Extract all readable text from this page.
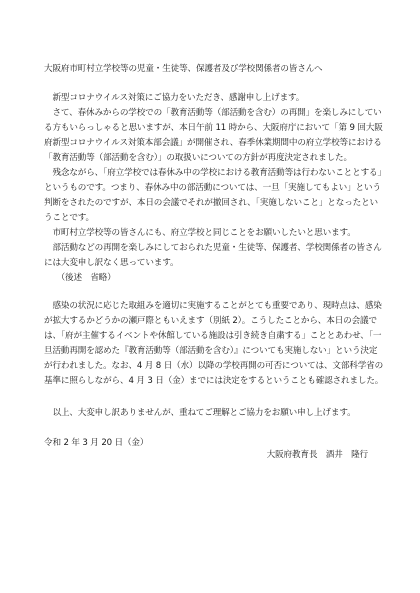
大阪府市町村立学校等の児童・生徒等、保護者及び学校関係者の皆さんへ

　新型コロナウイルス対策にご協力をいただき、感謝申し上げます。

　さて、春休みからの学校での「教育活動等（部活動を含む）の再開」を楽しみにしている方もいらっしゃると思いますが、本日午前 11 時から、大阪府庁において「第 9 回大阪府新型コロナウイルス対策本部会議」が開催され、春季休業期間中の府立学校等における「教育活動等（部活動を含む）」の取扱いについての方針が再度決定されました。

　残念ながら、「府立学校では春休み中の学校における教育活動等は行わないこととする」というものです。つまり、春休み中の部活動については、一旦「実施してもよい」という判断をされたのですが、本日の会議でそれが撤回され、「実施しないこと」となったということです。

　市町村立学校等の皆さんにも、府立学校と同じことをお願いしたいと思います。

　部活動などの再開を楽しみにしておられた児童・生徒等、保護者、学校関係者の皆さんには大変申し訳なく思っています。

　　（後述　省略）

　感染の状況に応じた取組みを適切に実施することがとても重要であり、現時点は、感染が拡大するかどうかの瀬戸際ともいえます（別紙 2）。こうしたことから、本日の会議では、「府が主催するイベントや休館している施設は引き続き自粛する」こととあわせ、「一旦活動再開を認めた『教育活動等（部活動を含む）』についても実施しない」という決定が行われました。なお、4 月 8 日（水）以降の学校再開の可否については、文部科学省の基準に照らしながら、4 月 3 日（金）までには決定をするということも確認されました。

　以上、大変申し訳ありませんが、重ねてご理解とご協力をお願い申し上げます。

令和 2 年 3 月 20 日（金）

大阪府教育長　酒井　隆行
